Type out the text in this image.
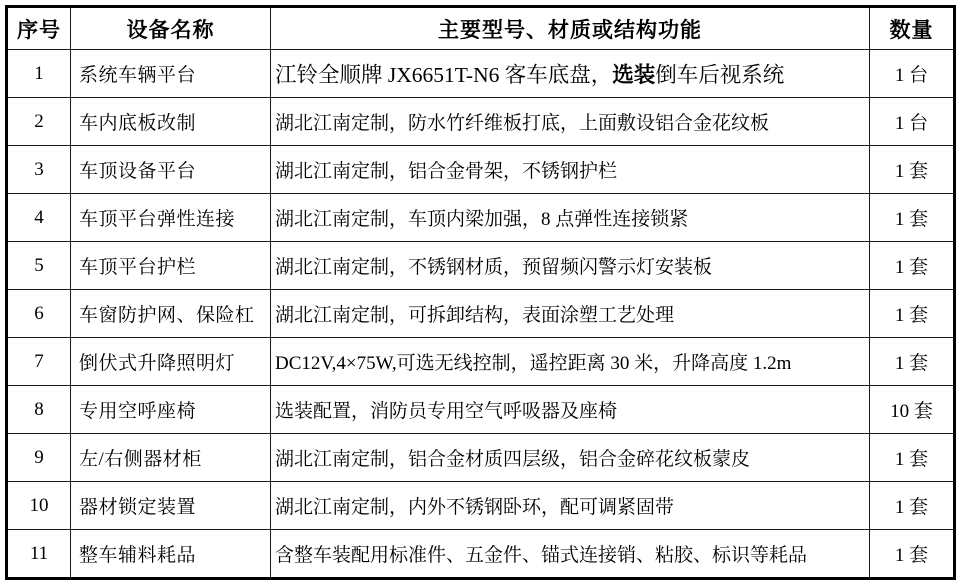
序号	设备名称	主要型号、材质或结构功能	数量
1	系统车辆平台	江铃全顺牌 JX6651T-N6 客车底盘，选装倒车后视系统	1 台
2	车内底板改制	湖北江南定制，防水竹纤维板打底，上面敷设铝合金花纹板	1 台
3	车顶设备平台	湖北江南定制，铝合金骨架，不锈钢护栏	1 套
4	车顶平台弹性连接	湖北江南定制，车顶内梁加强，8 点弹性连接锁紧	1 套
5	车顶平台护栏	湖北江南定制，不锈钢材质，预留频闪警示灯安装板	1 套
6	车窗防护网、保险杠	湖北江南定制，可拆卸结构，表面涂塑工艺处理	1 套
7	倒伏式升降照明灯	DC12V,4×75W,可选无线控制，遥控距离 30 米，升降高度 1.2m	1 套
8	专用空呼座椅	选装配置，消防员专用空气呼吸器及座椅	10 套
9	左/右侧器材柜	湖北江南定制，铝合金材质四层级，铝合金碎花纹板蒙皮	1 套
10	器材锁定装置	湖北江南定制，内外不锈钢卧环，配可调紧固带	1 套
11	整车辅料耗品	含整车装配用标准件、五金件、锚式连接销、粘胶、标识等耗品	1 套
